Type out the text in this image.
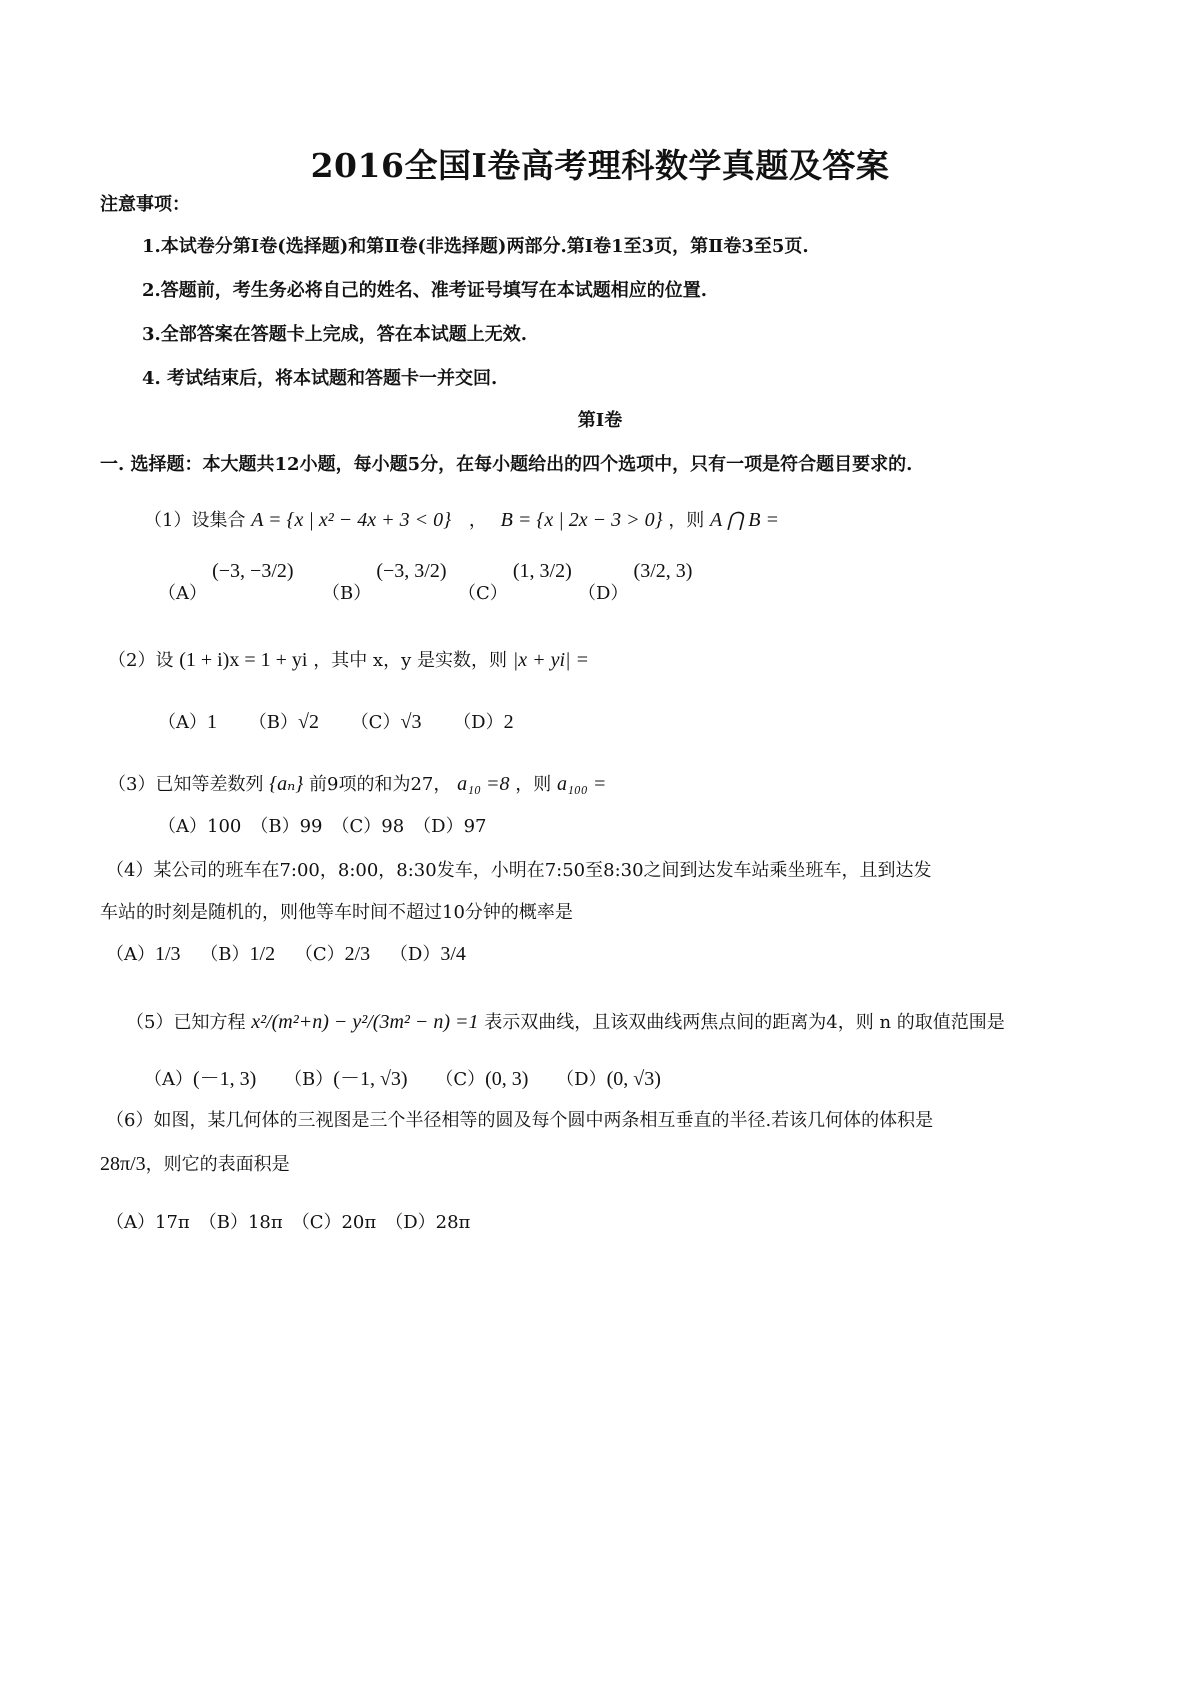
2016全国Ⅰ卷高考理科数学真题及答案
注意事项：
1.本试卷分第Ⅰ卷(选择题)和第Ⅱ卷(非选择题)两部分.第Ⅰ卷1至3页，第Ⅱ卷3至5页.
2.答题前，考生务必将自己的姓名、准考证号填写在本试题相应的位置.
3.全部答案在答题卡上完成，答在本试题上无效.
4. 考试结束后，将本试题和答题卡一并交回.
第Ⅰ卷
一. 选择题：本大题共12小题，每小题5分，在每小题给出的四个选项中，只有一项是符合题目要求的.
（1）设集合 A = {x | x² − 4x + 3 < 0} ， B = {x | 2x − 3 > 0} ，则 A ⋂ B =
（A） (−3, −3/2)
（B） (−3, 3/2)
（C） (1, 3/2)
（D） (3/2, 3)
（2）设 (1 + i)x = 1 + yi ，其中 x，y 是实数，则 |x + yi| =
（A）1 （B）√2 （C）√3 （D）2
（3）已知等差数列 {aₙ} 前9项的和为27， a₁₀ =8 ，则 a₁₀₀ =
（A）100　（B）99　（C）98　（D）97
（4）某公司的班车在7:00，8:00，8:30发车，小明在7:50至8:30之间到达发车站乘坐班车，且到达发
车站的时刻是随机的，则他等车时间不超过10分钟的概率是
（A）1/3 （B）1/2 （C）2/3 （D）3/4
（5）已知方程 x²/(m²+n) − y²/(3m² − n) =1 表示双曲线，且该双曲线两焦点间的距离为4，则 n 的取值范围是
（A）(－1, 3) （B）(－1, √3) （C）(0, 3) （D）(0, √3)
（6）如图，某几何体的三视图是三个半径相等的圆及每个圆中两条相互垂直的半径.若该几何体的体积是
28π/3，则它的表面积是
（A）17π　（B）18π　（C）20π　（D）28π
